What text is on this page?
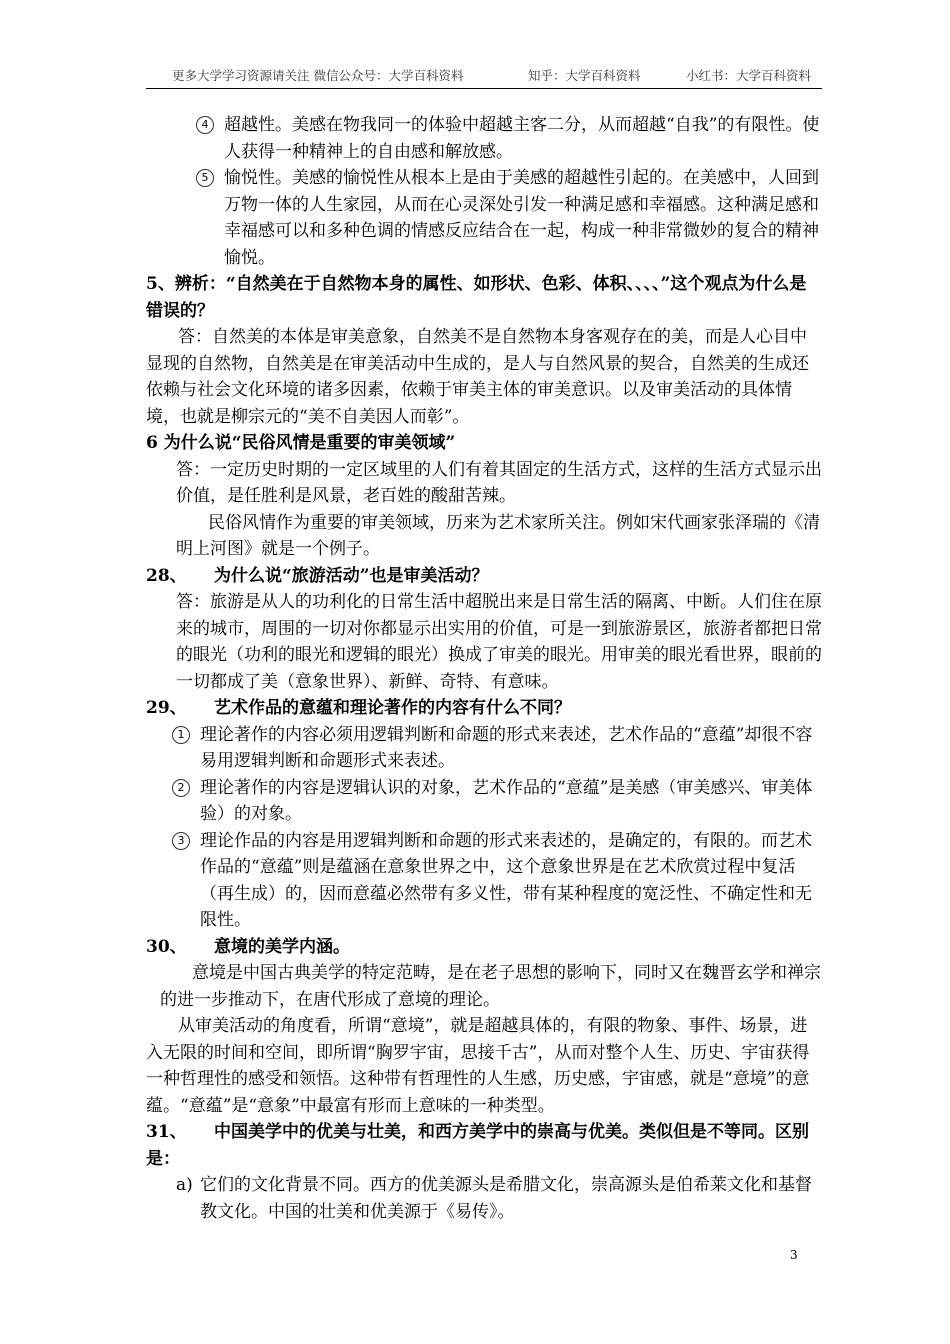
更多大学学习资源请关注 微信公众号：大学百科资料	知乎：大学百科资料	小红书：大学百科资料

4 超越性。美感在物我同一的体验中超越主客二分，从而超越“自我”的有限性。使人获得一种精神上的自由感和解放感。

5 愉悦性。美感的愉悦性从根本上是由于美感的超越性引起的。在美感中，人回到万物一体的人生家园，从而在心灵深处引发一种满足感和幸福感。这种满足感和幸福感可以和多种色调的情感反应结合在一起，构成一种非常微妙的复合的精神愉悦。

5、辨析：“自然美在于自然物本身的属性、如形状、色彩、体积、、、、”这个观点为什么是错误的？

答：自然美的本体是审美意象，自然美不是自然物本身客观存在的美，而是人心目中显现的自然物，自然美是在审美活动中生成的，是人与自然风景的契合，自然美的生成还依赖与社会文化环境的诸多因素，依赖于审美主体的审美意识。以及审美活动的具体情境，也就是柳宗元的“美不自美因人而彰”。

6 为什么说“民俗风情是重要的审美领域”

答：一定历史时期的一定区域里的人们有着其固定的生活方式，这样的生活方式显示出价值，是任胜利是风景，老百姓的酸甜苦辣。

民俗风情作为重要的审美领域，历来为艺术家所关注。例如宋代画家张泽瑞的《清明上河图》就是一个例子。

28、 为什么说“旅游活动”也是审美活动？

答：旅游是从人的功利化的日常生活中超脱出来是日常生活的隔离、中断。人们住在原来的城市，周围的一切对你都显示出实用的价值，可是一到旅游景区，旅游者都把日常的眼光（功利的眼光和逻辑的眼光）换成了审美的眼光。用审美的眼光看世界，眼前的一切都成了美（意象世界）、新鲜、奇特、有意味。

29、 艺术作品的意蕴和理论著作的内容有什么不同？

1 理论著作的内容必须用逻辑判断和命题的形式来表述，艺术作品的“意蕴”却很不容易用逻辑判断和命题形式来表述。

2 理论著作的内容是逻辑认识的对象，艺术作品的“意蕴”是美感（审美感兴、审美体验）的对象。

3 理论作品的内容是用逻辑判断和命题的形式来表述的，是确定的，有限的。而艺术作品的“意蕴”则是蕴涵在意象世界之中，这个意象世界是在艺术欣赏过程中复活（再生成）的，因而意蕴必然带有多义性，带有某种程度的宽泛性、不确定性和无限性。

30、 意境的美学内涵。

意境是中国古典美学的特定范畴，是在老子思想的影响下，同时又在魏晋玄学和禅宗的进一步推动下，在唐代形成了意境的理论。

从审美活动的角度看，所谓“意境”，就是超越具体的，有限的物象、事件、场景，进入无限的时间和空间，即所谓“胸罗宇宙，思接千古”，从而对整个人生、历史、宇宙获得一种哲理性的感受和领悟。这种带有哲理性的人生感，历史感，宇宙感，就是“意境”的意蕴。“意蕴”是“意象”中最富有形而上意味的一种类型。

31、 中国美学中的优美与壮美，和西方美学中的崇高与优美。类似但是不等同。区别是：

a) 它们的文化背景不同。西方的优美源头是希腊文化，崇高源头是伯希莱文化和基督教文化。中国的壮美和优美源于《易传》。

3
